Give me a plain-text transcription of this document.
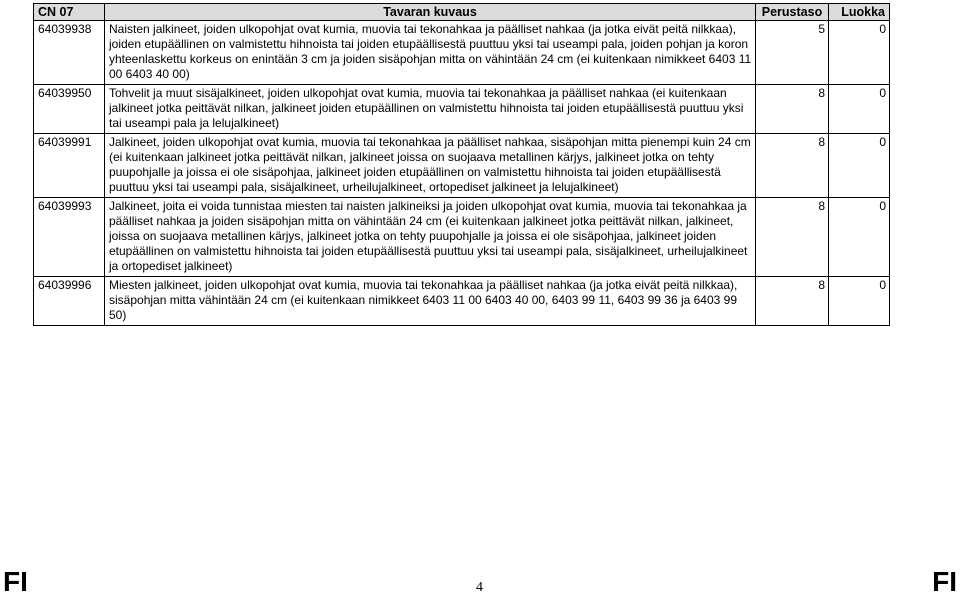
CN 07	Tavaran kuvaus	Perustaso	Luokka
64039938	Naisten jalkineet, joiden ulkopohjat ovat kumia, muovia tai tekonahkaa ja päälliset nahkaa (ja jotka eivät peitä nilkkaa), joiden etupäällinen on valmistettu hihnoista tai joiden etupäällisestä puuttuu yksi tai useampi pala, joiden pohjan ja koron yhteenlaskettu korkeus on enintään 3 cm ja joiden sisäpohjan mitta on vähintään 24 cm (ei kuitenkaan nimikkeet 6403 11 00 6403 40 00)	5	0
64039950	Tohvelit ja muut sisäjalkineet, joiden ulkopohjat ovat kumia, muovia tai tekonahkaa ja päälliset nahkaa (ei kuitenkaan jalkineet jotka peittävät nilkan, jalkineet joiden etupäällinen on valmistettu hihnoista tai joiden etupäällisestä puuttuu yksi tai useampi pala ja lelujalkineet)	8	0
64039991	Jalkineet, joiden ulkopohjat ovat kumia, muovia tai tekonahkaa ja päälliset nahkaa, sisäpohjan mitta pienempi kuin 24 cm (ei kuitenkaan jalkineet jotka peittävät nilkan, jalkineet joissa on suojaava metallinen kärjys, jalkineet jotka on tehty puupohjalle ja joissa ei ole sisäpohjaa, jalkineet joiden etupäällinen on valmistettu hihnoista tai joiden etupäällisestä puuttuu yksi tai useampi pala, sisäjalkineet, urheilujalkineet, ortopediset jalkineet ja lelujalkineet)	8	0
64039993	Jalkineet, joita ei voida tunnistaa miesten tai naisten jalkineiksi ja joiden ulkopohjat ovat kumia, muovia tai tekonahkaa ja päälliset nahkaa ja joiden sisäpohjan mitta on vähintään 24 cm (ei kuitenkaan jalkineet jotka peittävät nilkan, jalkineet, joissa on suojaava metallinen kärjys, jalkineet jotka on tehty puupohjalle ja joissa ei ole sisäpohjaa, jalkineet joiden etupäällinen on valmistettu hihnoista tai joiden etupäällisestä puuttuu yksi tai useampi pala, sisäjalkineet, urheilujalkineet ja ortopediset jalkineet)	8	0
64039996	Miesten jalkineet, joiden ulkopohjat ovat kumia, muovia tai tekonahkaa ja päälliset nahkaa (ja jotka eivät peitä nilkkaa), sisäpohjan mitta vähintään 24 cm (ei kuitenkaan nimikkeet 6403 11 00 6403 40 00, 6403 99 11, 6403 99 36 ja 6403 99 50)	8	0
FI	4	FI
